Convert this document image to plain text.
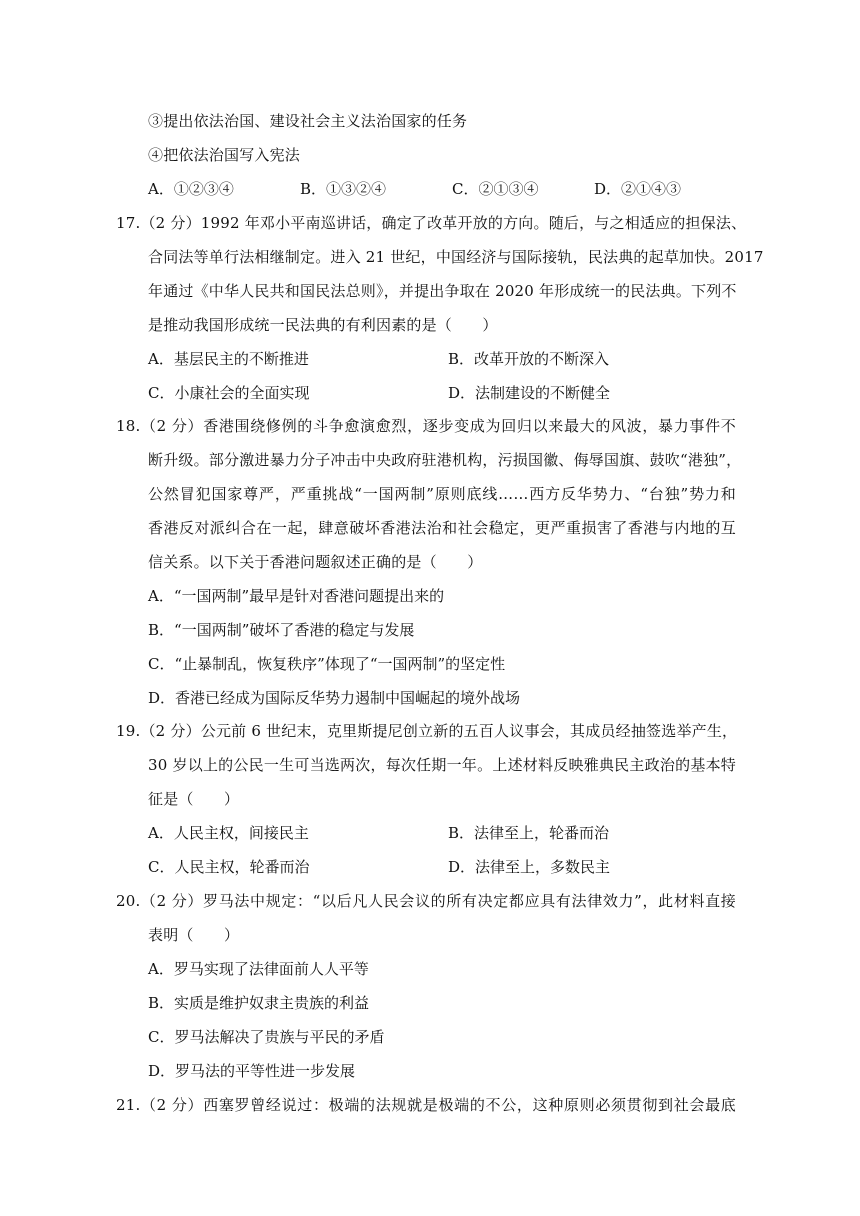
③提出依法治国、建设社会主义法治国家的任务
④把依法治国写入宪法
A．①②③④	B．①③②④	C．②①③④	D．②①④③
17.（2 分）1992 年邓小平南巡讲话，确定了改革开放的方向。随后，与之相适应的担保法、
合同法等单行法相继制定。进入 21 世纪，中国经济与国际接轨，民法典的起草加快。2017
年通过《中华人民共和国民法总则》，并提出争取在 2020 年形成统一的民法典。下列不
是推动我国形成统一民法典的有利因素的是（　　）
A．基层民主的不断推进	B．改革开放的不断深入
C．小康社会的全面实现	D．法制建设的不断健全
18.（2 分）香港围绕修例的斗争愈演愈烈，逐步变成为回归以来最大的风波，暴力事件不
断升级。部分激进暴力分子冲击中央政府驻港机构，污损国徽、侮辱国旗、鼓吹“港独”，
公然冒犯国家尊严，严重挑战“一国两制”原则底线……西方反华势力、“台独”势力和
香港反对派纠合在一起，肆意破坏香港法治和社会稳定，更严重损害了香港与内地的互
信关系。以下关于香港问题叙述正确的是（　　）
A．“一国两制”最早是针对香港问题提出来的
B．“一国两制”破坏了香港的稳定与发展
C．“止暴制乱，恢复秩序”体现了“一国两制”的坚定性
D．香港已经成为国际反华势力遏制中国崛起的境外战场
19.（2 分）公元前 6 世纪末，克里斯提尼创立新的五百人议事会，其成员经抽签选举产生，
30 岁以上的公民一生可当选两次，每次任期一年。上述材料反映雅典民主政治的基本特
征是（　　）
A．人民主权，间接民主	B．法律至上，轮番而治
C．人民主权，轮番而治	D．法律至上，多数民主
20.（2 分）罗马法中规定：“以后凡人民会议的所有决定都应具有法律效力”，此材料直接
表明（　　）
A．罗马实现了法律面前人人平等
B．实质是维护奴隶主贵族的利益
C．罗马法解决了贵族与平民的矛盾
D．罗马法的平等性进一步发展
21.（2 分）西塞罗曾经说过：极端的法规就是极端的不公，这种原则必须贯彻到社会最底
